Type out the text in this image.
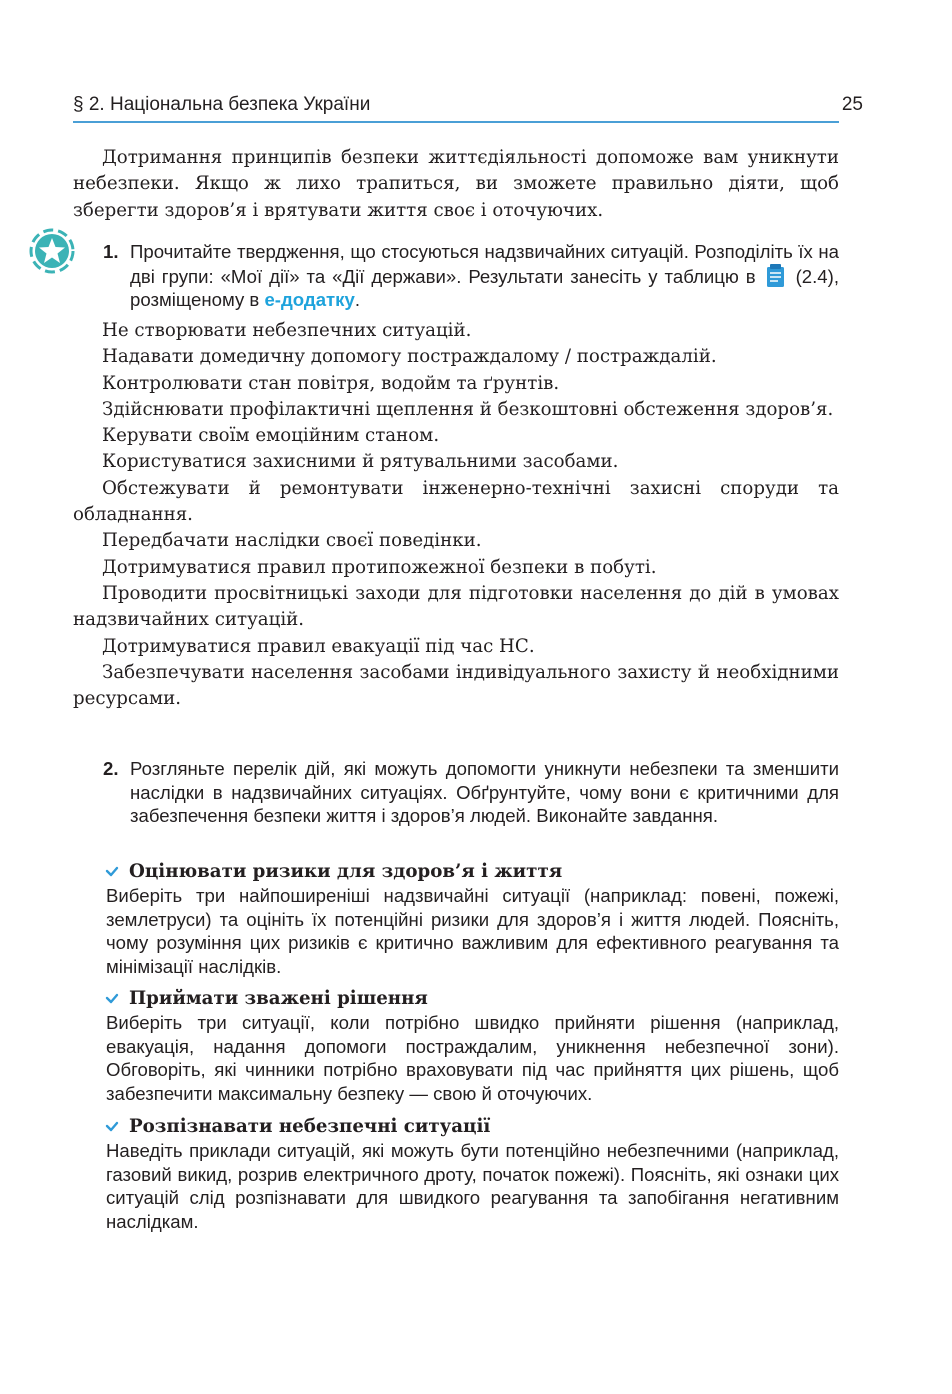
§ 2. Національна безпека України	25

Дотримання принципів безпеки життєдіяльності допоможе вам уникнути небезпеки. Якщо ж лихо трапиться, ви зможете правильно діяти, щоб зберегти здоров’я і врятувати життя своє і оточуючих.

1. Прочитайте твердження, що стосуються надзвичайних ситуацій. Розподіліть їх на дві групи: «Мої дії» та «Дії держави». Результати занесіть у таблицю в (2.4), розміщеному в е-додатку.

Не створювати небезпечних ситуацій.

Надавати домедичну допомогу постраждалому / постраждалій.

Контролювати стан повітря, водойм та ґрунтів.

Здійснювати профілактичні щеплення й безкоштовні обстеження здоров’я.

Керувати своїм емоційним станом.

Користуватися захисними й рятувальними засобами.

Обстежувати й ремонтувати інженерно-технічні захисні споруди та обладнання.

Передбачати наслідки своєї поведінки.

Дотримуватися правил протипожежної безпеки в побуті.

Проводити просвітницькі заходи для підготовки населення до дій в умовах надзвичайних ситуацій.

Дотримуватися правил евакуації під час НС.

Забезпечувати населення засобами індивідуального захисту й необхідними ресурсами.

2. Розгляньте перелік дій, які можуть допомогти уникнути небезпеки та зменшити наслідки в надзвичайних ситуаціях. Обґрунтуйте, чому вони є критичними для забезпечення безпеки життя і здоров’я людей. Виконайте завдання.

Оцінювати ризики для здоров’я і життя

Виберіть три найпоширеніші надзвичайні ситуації (наприклад: повені, пожежі, землетруси) та оцініть їх потенційні ризики для здоров’я і життя людей. Поясніть, чому розуміння цих ризиків є критично важливим для ефективного реагування та мінімізації наслідків.

Приймати зважені рішення

Виберіть три ситуації, коли потрібно швидко прийняти рішення (наприклад, евакуація, надання допомоги постраждалим, уникнення небезпечної зони). Обговоріть, які чинники потрібно враховувати під час прийняття цих рішень, щоб забезпечити максимальну безпеку — свою й оточуючих.

Розпізнавати небезпечні ситуації

Наведіть приклади ситуацій, які можуть бути потенційно небезпечними (наприклад, газовий викид, розрив електричного дроту, початок пожежі). Поясніть, які ознаки цих ситуацій слід розпізнавати для швидкого реагування та запобігання негативним наслідкам.
